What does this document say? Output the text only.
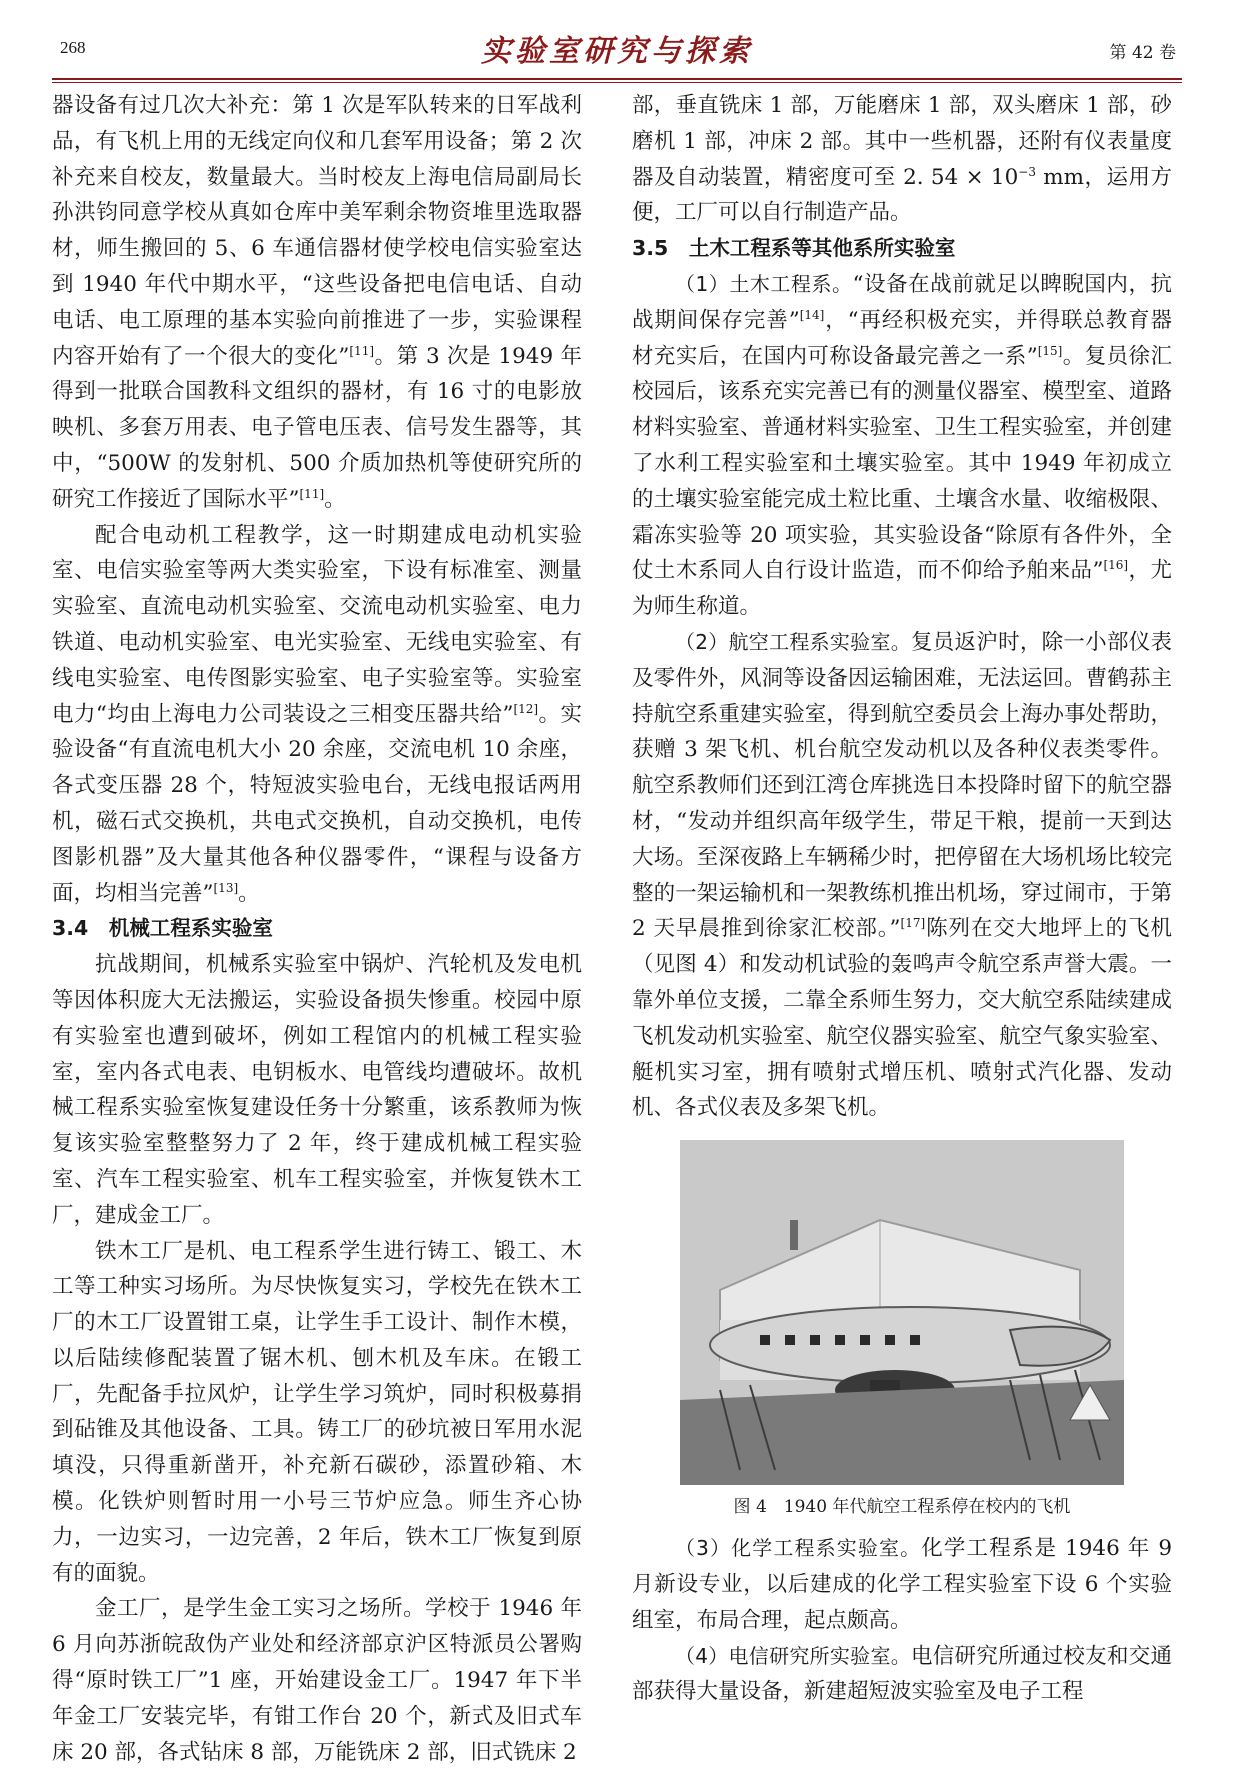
268	实验室研究与探索	第 42 卷

器设备有过几次大补充：第 1 次是军队转来的日军战利品，有飞机上用的无线定向仪和几套军用设备；第 2 次补充来自校友，数量最大。当时校友上海电信局副局长孙洪钧同意学校从真如仓库中美军剩余物资堆里选取器材，师生搬回的 5、6 车通信器材使学校电信实验室达到 1940 年代中期水平，“这些设备把电信电话、自动电话、电工原理的基本实验向前推进了一步，实验课程内容开始有了一个很大的变化”[11]。第 3 次是 1949 年得到一批联合国教科文组织的器材，有 16 寸的电影放映机、多套万用表、电子管电压表、信号发生器等，其中，“500W 的发射机、500 介质加热机等使研究所的研究工作接近了国际水平”[11]。

配合电动机工程教学，这一时期建成电动机实验室、电信实验室等两大类实验室，下设有标准室、测量实验室、直流电动机实验室、交流电动机实验室、电力铁道、电动机实验室、电光实验室、无线电实验室、有线电实验室、电传图影实验室、电子实验室等。实验室电力“均由上海电力公司装设之三相变压器共给”[12]。实验设备“有直流电机大小 20 余座，交流电机 10 余座，各式变压器 28 个，特短波实验电台，无线电报话两用机，磁石式交换机，共电式交换机，自动交换机，电传图影机器”及大量其他各种仪器零件，“课程与设备方面，均相当完善”[13]。

3.4　机械工程系实验室

抗战期间，机械系实验室中锅炉、汽轮机及发电机等因体积庞大无法搬运，实验设备损失惨重。校园中原有实验室也遭到破坏，例如工程馆内的机械工程实验室，室内各式电表、电钥板水、电管线均遭破坏。故机械工程系实验室恢复建设任务十分繁重，该系教师为恢复该实验室整整努力了 2 年，终于建成机械工程实验室、汽车工程实验室、机车工程实验室，并恢复铁木工厂，建成金工厂。

铁木工厂是机、电工程系学生进行铸工、锻工、木工等工种实习场所。为尽快恢复实习，学校先在铁木工厂的木工厂设置钳工桌，让学生手工设计、制作木模，以后陆续修配装置了锯木机、刨木机及车床。在锻工厂，先配备手拉风炉，让学生学习筑炉，同时积极募捐到砧锥及其他设备、工具。铸工厂的砂坑被日军用水泥填没，只得重新凿开，补充新石碳砂，添置砂箱、木模。化铁炉则暂时用一小号三节炉应急。师生齐心协力，一边实习，一边完善，2 年后，铁木工厂恢复到原有的面貌。

金工厂，是学生金工实习之场所。学校于 1946 年 6 月向苏浙皖敌伪产业处和经济部京沪区特派员公署购得“原时铁工厂”1 座，开始建设金工厂。1947 年下半年金工厂安装完毕，有钳工作台 20 个，新式及旧式车床 20 部，各式钻床 8 部，万能铣床 2 部，旧式铣床 2

部，垂直铣床 1 部，万能磨床 1 部，双头磨床 1 部，砂磨机 1 部，冲床 2 部。其中一些机器，还附有仪表量度器及自动装置，精密度可至 2. $54 \times 10^{-3}$ mm，运用方便，工厂可以自行制造产品。

3.5　土木工程系等其他系所实验室

（1）土木工程系。“设备在战前就足以睥睨国内，抗战期间保存完善”[14]，“再经积极充实，并得联总教育器材充实后，在国内可称设备最完善之一系”[15]。复员徐汇校园后，该系充实完善已有的测量仪器室、模型室、道路材料实验室、普通材料实验室、卫生工程实验室，并创建了水利工程实验室和土壤实验室。其中 1949 年初成立的土壤实验室能完成土粒比重、土壤含水量、收缩极限、霜冻实验等 20 项实验，其实验设备“除原有各件外，全仗土木系同人自行设计监造，而不仰给予舶来品”[16]，尤为师生称道。

（2）航空工程系实验室。复员返沪时，除一小部仪表及零件外，风洞等设备因运输困难，无法运回。曹鹤荪主持航空系重建实验室，得到航空委员会上海办事处帮助，获赠 3 架飞机、机台航空发动机以及各种仪表类零件。航空系教师们还到江湾仓库挑选日本投降时留下的航空器材，“发动并组织高年级学生，带足干粮，提前一天到达大场。至深夜路上车辆稀少时，把停留在大场机场比较完整的一架运输机和一架教练机推出机场，穿过闹市，于第 2 天早晨推到徐家汇校部。”[17]陈列在交大地坪上的飞机（见图 4）和发动机试验的轰鸣声令航空系声誉大震。一靠外单位支援，二靠全系师生努力，交大航空系陆续建成飞机发动机实验室、航空仪器实验室、航空气象实验室、艇机实习室，拥有喷射式增压机、喷射式汽化器、发动机、各式仪表及多架飞机。

图 4　1940 年代航空工程系停在校内的飞机

（3）化学工程系实验室。化学工程系是 1946 年 9 月新设专业，以后建成的化学工程实验室下设 6 个实验组室，布局合理，起点颇高。

（4）电信研究所实验室。电信研究所通过校友和交通部获得大量设备，新建超短波实验室及电子工程
